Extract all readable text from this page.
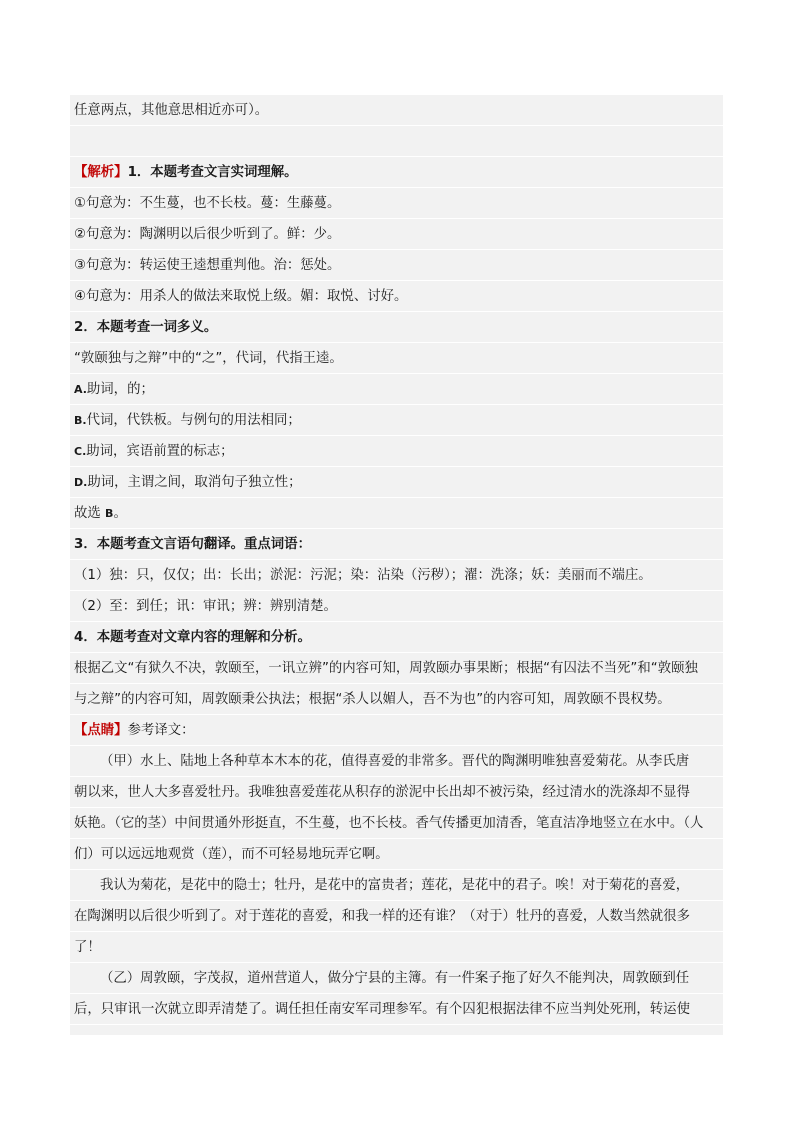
任意两点，其他意思相近亦可）。
【解析】1．本题考查文言实词理解。
①句意为：不生蔓，也不长枝。蔓：生藤蔓。
②句意为：陶渊明以后很少听到了。鲜：少。
③句意为：转运使王逵想重判他。治：惩处。
④句意为：用杀人的做法来取悦上级。媚：取悦、讨好。
2．本题考查一词多义。
“敦颐独与之辩”中的“之”，代词，代指王逵。
A.助词，的；
B.代词，代铁板。与例句的用法相同；
C.助词，宾语前置的标志；
D.助词，主谓之间，取消句子独立性；
故选 B。
3．本题考查文言语句翻译。重点词语：
（1）独：只，仅仅；出：长出；淤泥：污泥；染：沾染（污秽）；濯：洗涤；妖：美丽而不端庄。
（2）至：到任；讯：审讯；辨：辨别清楚。
4．本题考查对文章内容的理解和分析。
根据乙文“有狱久不决，敦颐至，一讯立辨”的内容可知，周敦颐办事果断；根据“有囚法不当死”和“敦颐独
与之辩”的内容可知，周敦颐秉公执法；根据“杀人以媚人，吾不为也”的内容可知，周敦颐不畏权势。
【点睛】参考译文：
（甲）水上、陆地上各种草本木本的花，值得喜爱的非常多。晋代的陶渊明唯独喜爱菊花。从李氏唐
朝以来，世人大多喜爱牡丹。我唯独喜爱莲花从积存的淤泥中长出却不被污染，经过清水的洗涤却不显得
妖艳。（它的茎）中间贯通外形挺直，不生蔓，也不长枝。香气传播更加清香，笔直洁净地竖立在水中。（人
们）可以远远地观赏（莲），而不可轻易地玩弄它啊。
我认为菊花，是花中的隐士；牡丹，是花中的富贵者；莲花，是花中的君子。唉！对于菊花的喜爱，
在陶渊明以后很少听到了。对于莲花的喜爱，和我一样的还有谁？（对于）牡丹的喜爱，人数当然就很多
了！
（乙）周敦颐，字茂叔，道州营道人，做分宁县的主簿。有一件案子拖了好久不能判决，周敦颐到任
后，只审讯一次就立即弄清楚了。调任担任南安军司理参军。有个囚犯根据法律不应当判处死刑，转运使
